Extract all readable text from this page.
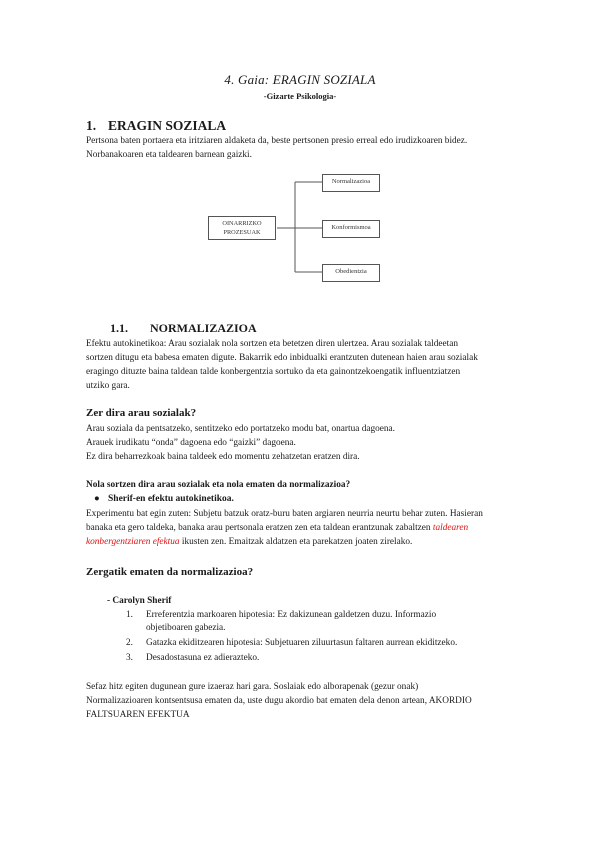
4. Gaia: ERAGIN SOZIALA

-Gizarte Psikologia-

1. ERAGIN SOZIALA

Pertsona baten portaera eta iritziaren aldaketa da, beste pertsonen presio erreal edo irudizkoaren bidez.

Norbanakoaren eta taldearen barnean gaizki.

OINARRIZKO PROZESUAK
Normalizazioa
Konformismoa
Obedientzia

1.1. NORMALIZAZIOA

Efektu autokinetikoa: Arau sozialak nola sortzen eta betetzen diren ulertzea. Arau sozialak taldeetan

sortzen ditugu eta babesa ematen digute. Bakarrik edo inbidualki erantzuten dutenean haien arau sozialak

eragingo dituzte baina taldean talde konbergentzia sortuko da eta gainontzekoengatik influentziatzen

utziko gara.

Zer dira arau sozialak?

Arau soziala da pentsatzeko, sentitzeko edo portatzeko modu bat, onartua dagoena.

Arauek irudikatu “onda” dagoena edo “gaizki” dagoena.

Ez dira beharrezkoak baina taldeek edo momentu zehatzetan eratzen dira.

Nola sortzen dira arau sozialak eta nola ematen da normalizazioa?

● Sherif-en efektu autokinetikoa.

Experimentu bat egin zuten: Subjetu batzuk oratz-buru baten argiaren neurria neurtu behar zuten. Hasieran

banaka eta gero taldeka, banaka arau pertsonala eratzen zen eta taldean erantzunak zabaltzen taldearen

konbergentziaren efektua ikusten zen. Emaitzak aldatzen eta parekatzen joaten zirelako.

Zergatik ematen da normalizazioa?

- Carolyn Sherif

1. Erreferentzia markoaren hipotesia: Ez dakizunean galdetzen duzu. Informazio
objetiboaren gabezia.
2. Gatazka ekiditzearen hipotesia: Subjetuaren ziluurtasun faltaren aurrean ekiditzeko.
3. Desadostasuna ez adierazteko.

Sefaz hitz egiten dugunean gure izaeraz hari gara. Soslaiak edo alborapenak (gezur onak)

Normalizazioaren kontsentsusa ematen da, uste dugu akordio bat ematen dela denon artean, AKORDIO

FALTSUAREN EFEKTUA
